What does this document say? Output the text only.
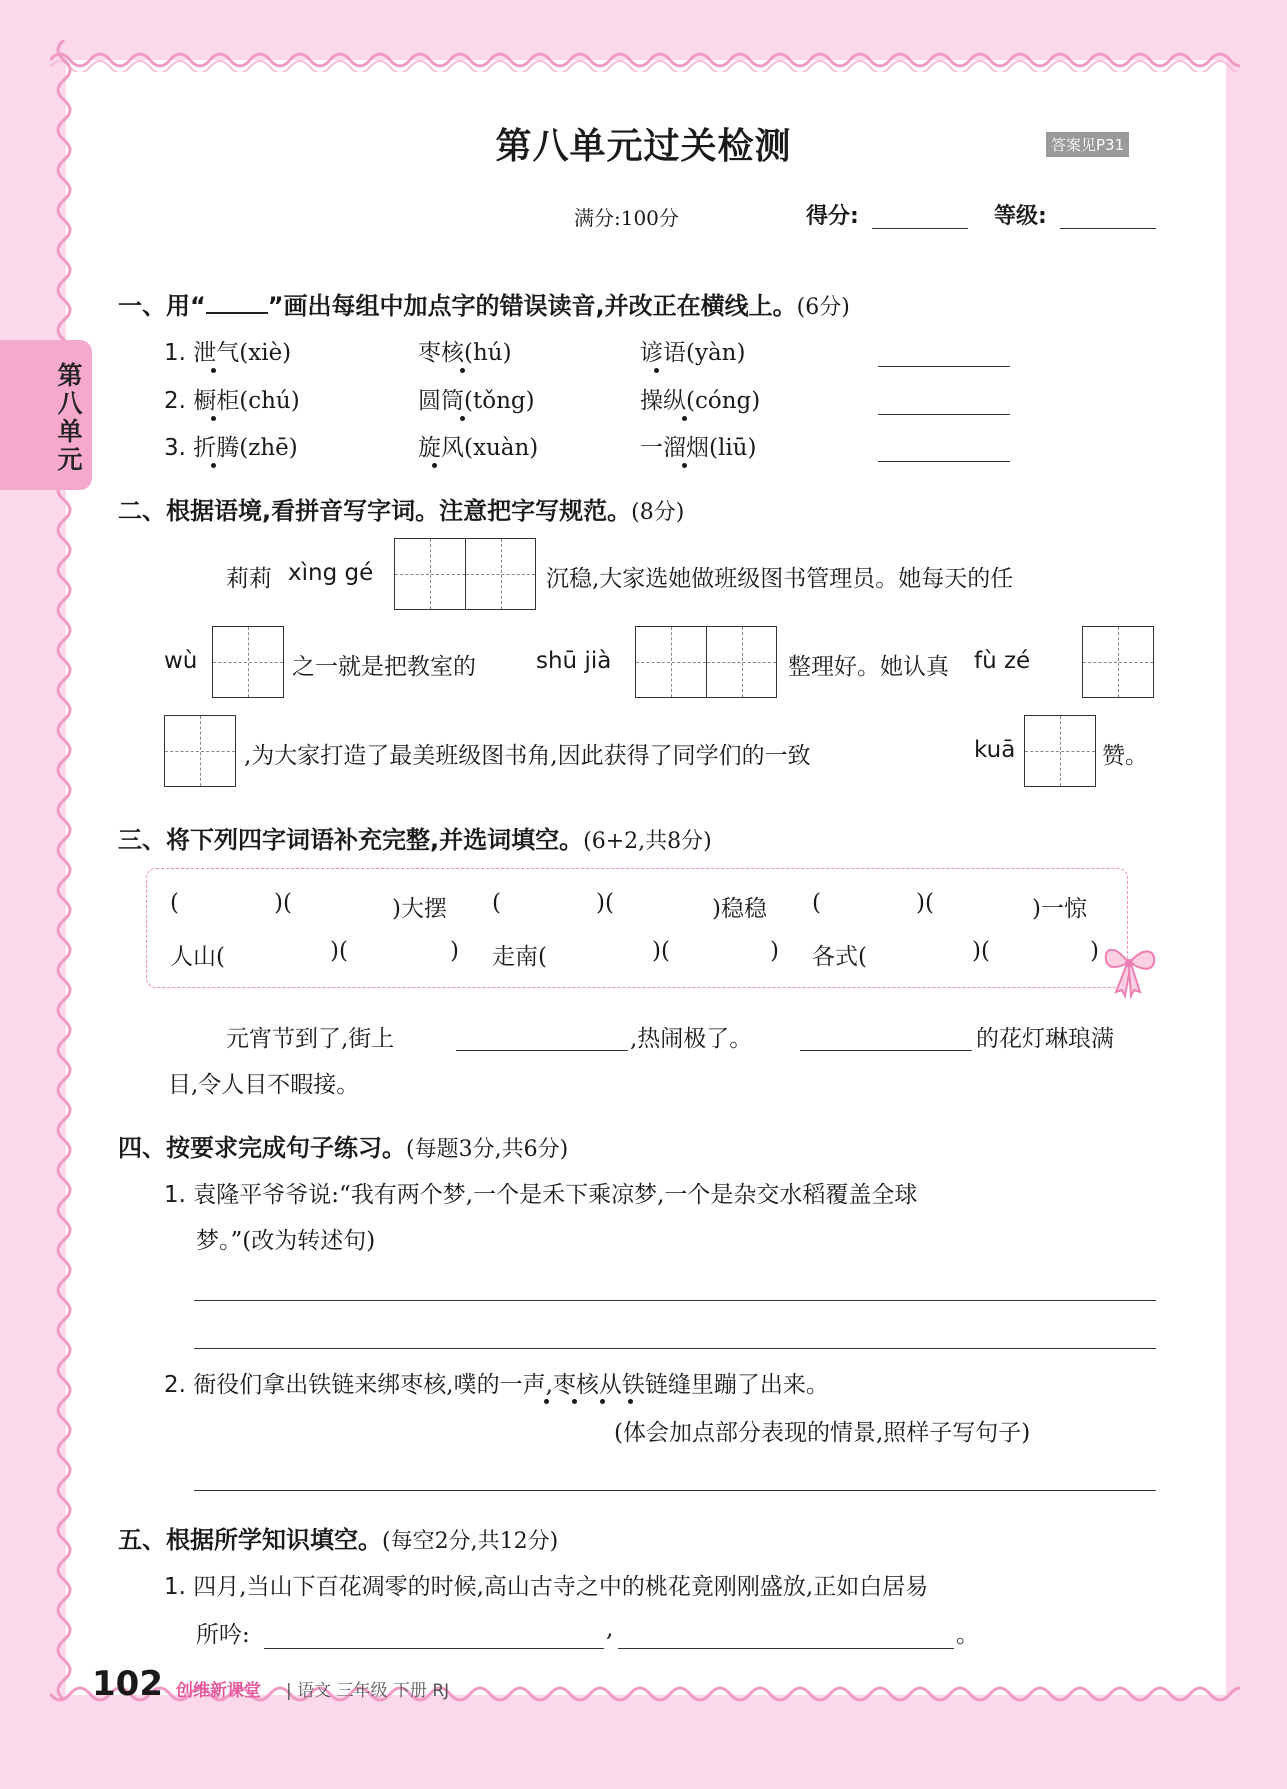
第八单元
第八单元过关检测	答案见P31
满分:100分	得分:	等级:
一、用“	”画出每组中加点字的错误读音,并改正在横线上。(6分)
1. 泄气(xiè)	枣核(hú)	谚语(yàn)
2. 橱柜(chú)	圆筒(tǒng)	操纵(cóng)
3. 折腾(zhē)	旋风(xuàn)	一溜烟(liū)
二、根据语境,看拼音写字词。注意把字写规范。(8分)
莉莉 xìng gé	沉稳,大家选她做班级图书管理员。她每天的任
wù	之一就是把教室的	shū jià	整理好。她认真 fù zé
,为大家打造了最美班级图书角,因此获得了同学们的一致	kuā	赞。
三、将下列四字词语补充完整,并选词填空。(6+2,共8分)
(	)(	)大摆 (	)(	)稳稳 (	)(	)一惊
人山(	)(	) 走南(	)(	) 各式(	)(	)
元宵节到了,街上	,热闹极了。	的花灯琳琅满
目,令人目不暇接。
四、按要求完成句子练习。(每题3分,共6分)
1. 袁隆平爷爷说:“我有两个梦,一个是禾下乘凉梦,一个是杂交水稻覆盖全球
梦。”(改为转述句)
2. 衙役们拿出铁链来绑枣核,噗的一声,枣核从铁链缝里蹦了出来。
(体会加点部分表现的情景,照样子写句子)
五、根据所学知识填空。(每空2分,共12分)
1. 四月,当山下百花凋零的时候,高山古寺之中的桃花竟刚刚盛放,正如白居易
所吟:	,	。
102 创维新课堂 | 语文 三年级 下册 RJ
